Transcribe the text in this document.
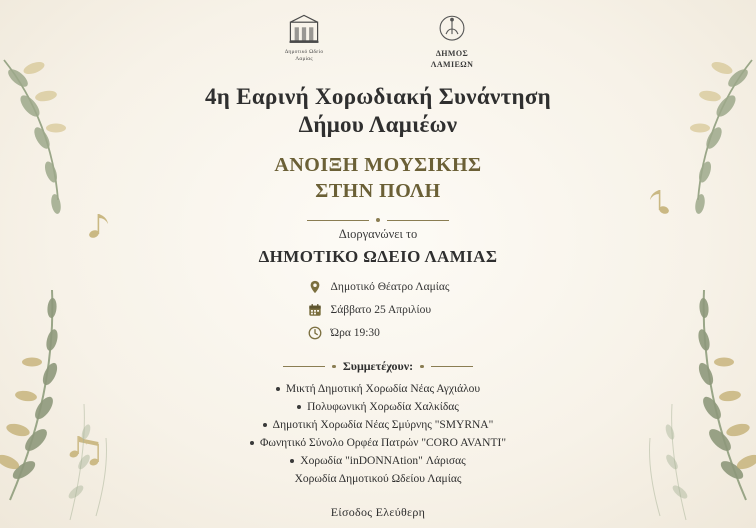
Δημοτικό Ωδείο
Λαμίας
ΔΗΜΟΣ
ΛΑΜΙΕΩΝ
4η Εαρινή Χορωδιακή Συνάντηση
Δήμου Λαμιέων
ΑΝΟΙΞΗ ΜΟΥΣΙΚΗΣ
ΣΤΗΝ ΠΟΛΗ
Διοργανώνει το
ΔΗΜΟΤΙΚΟ ΩΔΕΙΟ ΛΑΜΙΑΣ
Δημοτικό Θέατρο Λαμίας
Σάββατο 25 Απριλίου
Ώρα 19:30
Συμμετέχουν:
Μικτή Δημοτική Χορωδία Νέας Αγχιάλου
Πολυφωνική Χορωδία Χαλκίδας
Δημοτική Χορωδία Νέας Σμύρνης "SMYRNA"
Φωνητικό Σύνολο Ορφέα Πατρών "CORO AVANTI"
Χορωδία "inDONNAtion" Λάρισας
Χορωδία Δημοτικού Ωδείου Λαμίας
Είσοδος Ελεύθερη
